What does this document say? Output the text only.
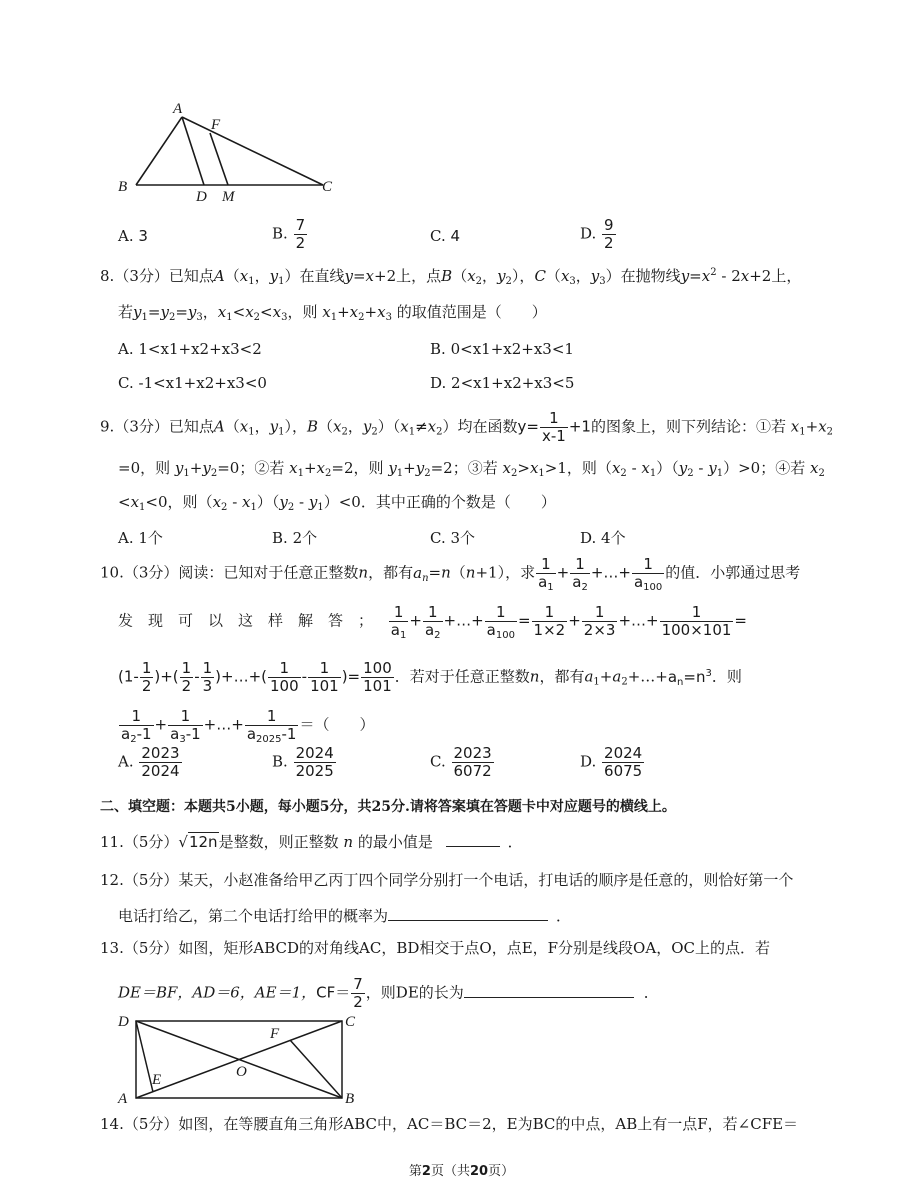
A
F
B
D M
C
A. 3	B. $\frac{7}{2}$	C. 4	D. $\frac{9}{2}$
8.（3分）已知点$A(x_1$，$y_1$）在直线y=x+2上，点$B(x_2$，$y_2$），$C(x_3$，$y_3$）在抛物线$y=x^2 - 2x+2$上，
若$y_1=y_2=y_3$，$x_1<x_2<x_3$，则 $x_1+x_2+x_3$ 的取值范围是（　　）
A. 1<x1+x2+x3<2	B. 0<x1+x2+x3<1
C. -1<x1+x2+x3<0	D. 2<x1+x2+x3<5
9.（3分）已知点$A(x_1$，$y_1$），$B(x_2$，$y_2)(x_1\ne x_2)$均在函数$y= \frac{1}{x-1} +1$的图象上，则下列结论：①若 $x_1+x_2$
=0，则 $y_1+y_2=0$；②若 $x_1+x_2=2$，则 $y_1+y_2=2$；③若 $x_2>x_1>1$，则$(x_2 - x_1)(y_2 - y_1)>0$；④若 $x_2$
$<x_1<0$，则$(x_2 - x_1)(y_2 - y_1)<0$．其中正确的个数是（　　）
A. 1个	B. 2个	C. 3个	D. 4个
10.（3分）阅读：已知对于任意正整数n，都有$a_n=n(n+1)$，求 $\frac{1}{a_1} + \frac{1}{a_2}$ +…+ $\frac{1}{a_{100}}$ 的值．小郭通过思考
发　现　可　以　这　样　解　答　； $\frac{1}{a_1} + \frac{1}{a_2}$ +…+ $\frac{1}{a_{100}} = \frac{1}{1\times 2} + \frac{1}{2\times 3}$ +…+ $\frac{1}{100\times 101}$ =
($1- \frac{1}{2}$ )+( $\frac{1}{2} - \frac{1}{3}$ )+…+( $\frac{1}{100} - \frac{1}{101}$ )= $\frac{100}{101}$ ．若对于任意正整数n，都有$a_1+a_2+\dots+a_n=n^3$．则
$\frac{1}{a_2-1} + \frac{1}{a_3-1}$ +…+ $\frac{1}{a_{2025}-1}$ ＝（　　）
A. $\frac{2023}{2024}$	B. $\frac{2024}{2025}$	C. $\frac{2023}{6072}$	D. $\frac{2024}{6075}$
二、填空题：本题共5小题，每小题5分，共25分.请将答案填在答题卡中对应题号的横线上。
11.（5分）√12n是整数，则正整数 n 的最小值是	．
12.（5分）某天，小赵准备给甲乙丙丁四个同学分别打一个电话，打电话的顺序是任意的，则恰好第一个
电话打给乙，第二个电话打给甲的概率为	．
13.（5分）如图，矩形ABCD的对角线AC，BD相交于点O，点E，F分别是线段OA，OC上的点．若
DE＝BF，AD＝6，AE＝1，$CF= \frac{7}{2}$ ，则DE的长为	．
D	C
F
O
E
A	B
14.（5分）如图，在等腰直角三角形ABC中，AC＝BC＝2，E为BC的中点，AB上有一点F，若∠CFE＝
第2页（共20页）
